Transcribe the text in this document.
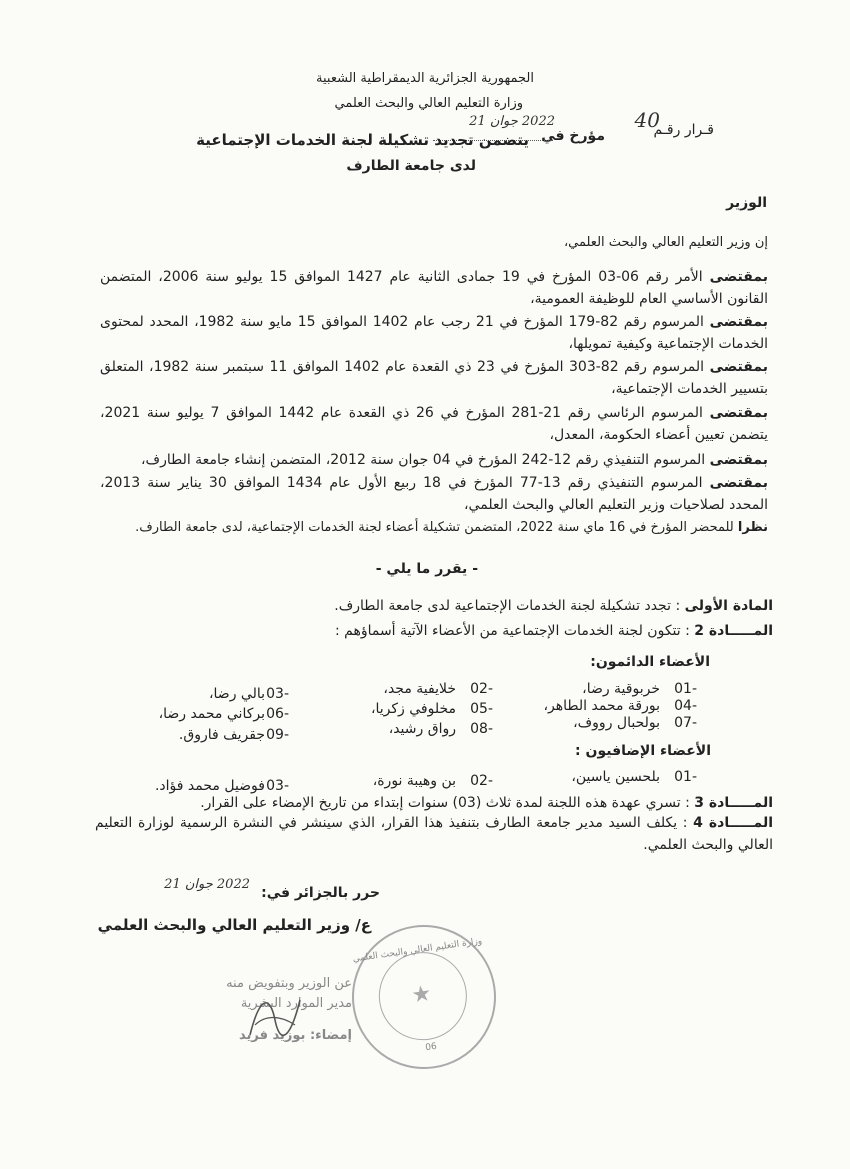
الجمهورية الجزائرية الديمقراطية الشعبية
وزارة التعليم العالي والبحث العلمي
قـرار رقـم
40
مؤرخ في
2022 جوان 21
يتضمن تجديد تشكيلة لجنة الخدمات الإجتماعية
لدى جامعة الطارف
الوزير
إن وزير التعليم العالي والبحث العلمي،
بمقتضى الأمر رقم 06-03 المؤرخ في 19 جمادى الثانية عام 1427 الموافق 15 يوليو سنة 2006، المتضمن القانون الأساسي العام للوظيفة العمومية،
بمقتضى المرسوم رقم 82-179 المؤرخ في 21 رجب عام 1402 الموافق 15 مايو سنة 1982، المحدد لمحتوى الخدمات الإجتماعية وكيفية تمويلها،
بمقتضى المرسوم رقم 82-303 المؤرخ في 23 ذي القعدة عام 1402 الموافق 11 سبتمبر سنة 1982، المتعلق بتسيير الخدمات الإجتماعية،
بمقتضى المرسوم الرئاسي رقم 21-281 المؤرخ في 26 ذي القعدة عام 1442 الموافق 7 يوليو سنة 2021، يتضمن تعيين أعضاء الحكومة، المعدل،
بمقتضى المرسوم التنفيذي رقم 12-242 المؤرخ في 04 جوان سنة 2012، المتضمن إنشاء جامعة الطارف،
بمقتضى المرسوم التنفيذي رقم 13-77 المؤرخ في 18 ربيع الأول عام 1434 الموافق 30 يناير سنة 2013، المحدد لصلاحيات وزير التعليم العالي والبحث العلمي،
نظرا للمحضر المؤرخ في 16 ماي سنة 2022، المتضمن تشكيلة أعضاء لجنة الخدمات الإجتماعية، لدى جامعة الطارف.
- يقرر ما يلي -
المادة الأولى : تجدد تشكيلة لجنة الخدمات الإجتماعية لدى جامعة الطارف.
المـــــادة 2 : تتكون لجنة الخدمات الإجتماعية من الأعضاء الآتية أسماؤهم :
الأعضاء الدائمون:
-01
خربوقية رضا،
-02
خلايفية مجد،
-03
بالي رضا،
-04
بورقة محمد الطاهر،
-05
مخلوفي زكريا،
-06
بركاني محمد رضا،
-07
بولحبال رووف،
-08
رواق رشيد،
-09
جقريف فاروق.
الأعضاء الإضافيون :
-01
بلحسين ياسين،
-02
بن وهيبة نورة،
-03
فوضيل محمد فؤاد.
المـــــادة 3 : تسري عهدة هذه اللجنة لمدة ثلاث (03) سنوات إبتداء من تاريخ الإمضاء على القرار.
المـــــادة 4 : يكلف السيد مدير جامعة الطارف بتنفيذ هذا القرار، الذي سينشر في النشرة الرسمية لوزارة التعليم العالي والبحث العلمي.
حرر بالجزائر في:
2022 جوان 21
ع/ وزير التعليم العالي والبحث العلمي
وزارة التعليم العالي والبحث العلمي
06
★
عن الوزير وبتفويض منه
مدير الموارد البشرية
إمضاء: بوزيد فريد
